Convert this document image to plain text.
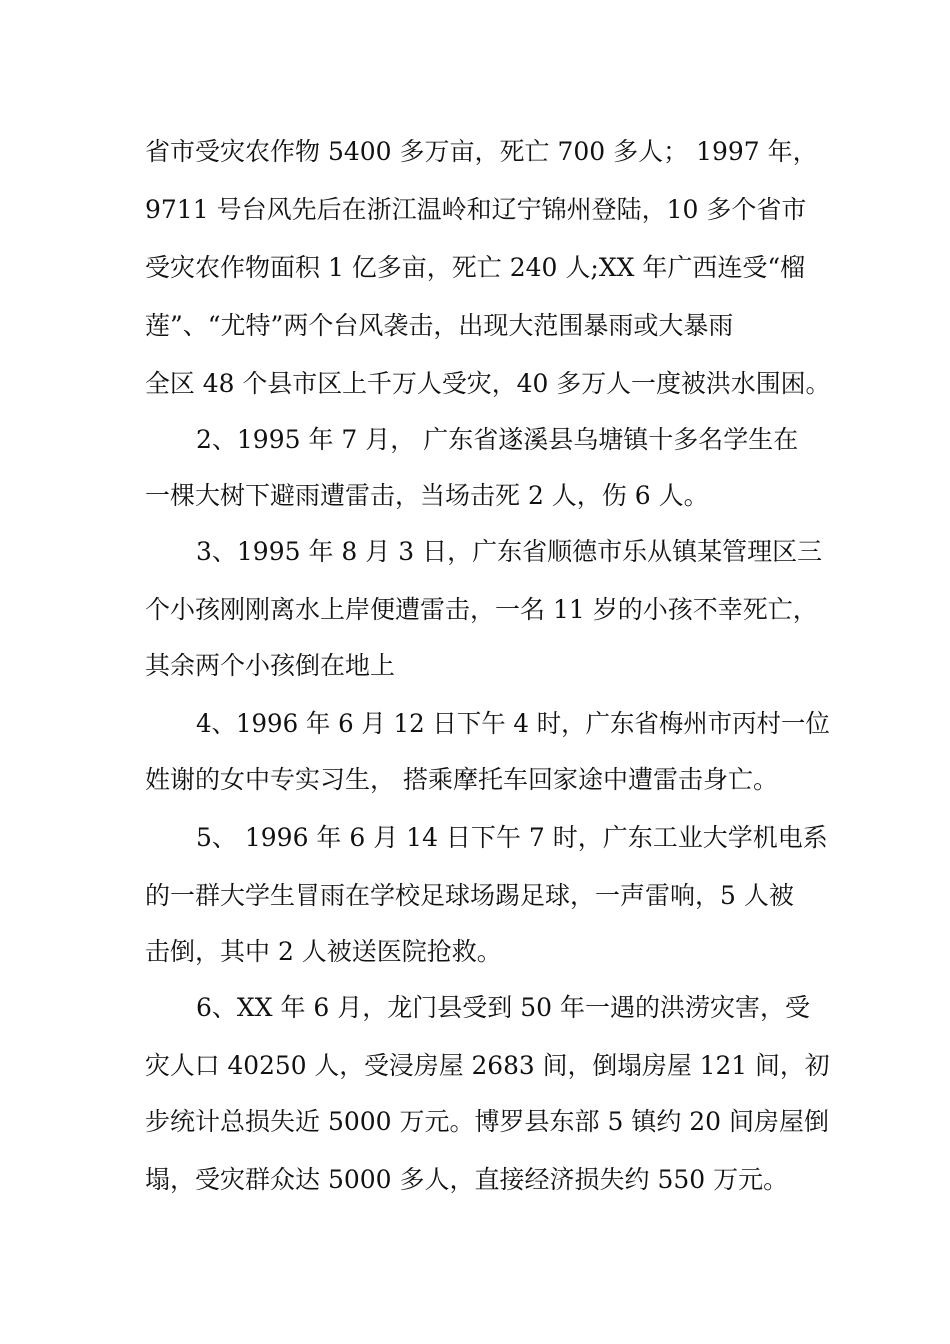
省市受灾农作物 5400 多万亩，死亡 700 多人； 1997 年，
9711 号台风先后在浙江温岭和辽宁锦州登陆，10 多个省市
受灾农作物面积 1 亿多亩，死亡 240 人;XX 年广西连受“榴
莲”、“尤特”两个台风袭击，出现大范围暴雨或大暴雨
全区 48 个县市区上千万人受灾，40 多万人一度被洪水围困。
2、1995 年 7 月， 广东省遂溪县乌塘镇十多名学生在
一棵大树下避雨遭雷击，当场击死 2 人，伤 6 人。
3、1995 年 8 月 3 日，广东省顺德市乐从镇某管理区三
个小孩刚刚离水上岸便遭雷击，一名 11 岁的小孩不幸死亡，
其余两个小孩倒在地上
4、1996 年 6 月 12 日下午 4 时，广东省梅州市丙村一位
姓谢的女中专实习生， 搭乘摩托车回家途中遭雷击身亡。
5、 1996 年 6 月 14 日下午 7 时，广东工业大学机电系
的一群大学生冒雨在学校足球场踢足球，一声雷响，5 人被
击倒，其中 2 人被送医院抢救。
6、XX 年 6 月，龙门县受到 50 年一遇的洪涝灾害，受
灾人口 40250 人，受浸房屋 2683 间，倒塌房屋 121 间，初
步统计总损失近 5000 万元。博罗县东部 5 镇约 20 间房屋倒
塌，受灾群众达 5000 多人，直接经济损失约 550 万元。
